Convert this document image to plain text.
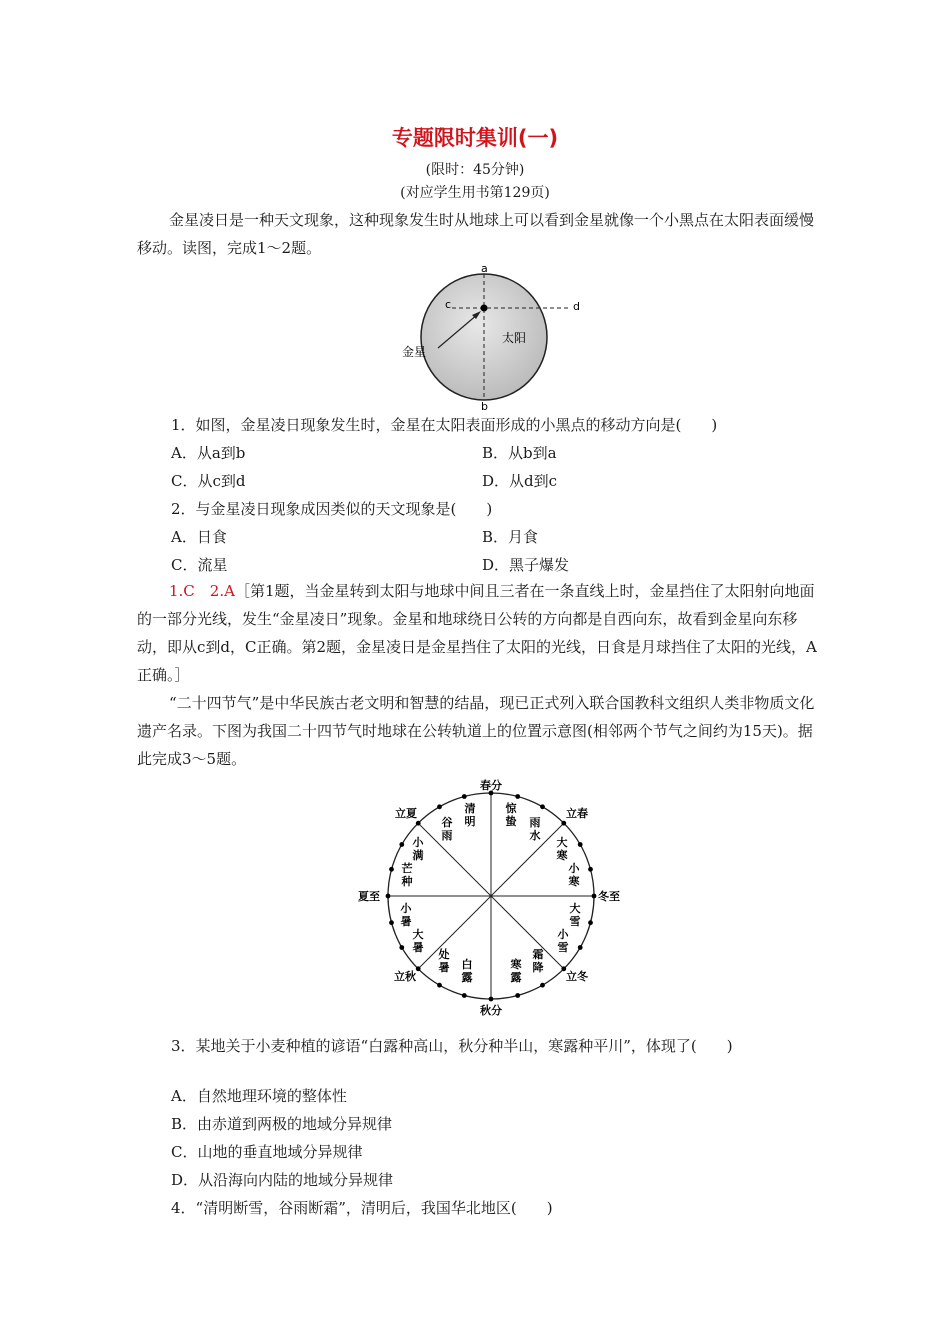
专题限时集训(一)
(限时：45分钟)
(对应学生用书第129页)

金星凌日是一种天文现象，这种现象发生时从地球上可以看到金星就像一个小黑点在太阳表面缓慢移动。读图，完成1～2题。

a
b
c	d
太阳
金星
1．如图，金星凌日现象发生时，金星在太阳表面形成的小黑点的移动方向是(　　)
A．从a到b	B．从b到a
C．从c到d	D．从d到c
2．与金星凌日现象成因类似的天文现象是(　　)
A．日食	B．月食
C．流星	D．黑子爆发

1.C　2.A［第1题，当金星转到太阳与地球中间且三者在一条直线上时，金星挡住了太阳射向地面的一部分光线，发生“金星凌日”现象。金星和地球绕日公转的方向都是自西向东，故看到金星向东移动，即从c到d，C正确。第2题，金星凌日是金星挡住了太阳的光线，日食是月球挡住了太阳的光线，A正确。］

“二十四节气”是中华民族古老文明和智慧的结晶，现已正式列入联合国教科文组织人类非物质文化遗产名录。下图为我国二十四节气时地球在公转轨道上的位置示意图(相邻两个节气之间约为15天)。据此完成3～5题。

春分
立春
冬至
立冬
秋分
立秋
夏至
立夏	惊蛰 雨水
大寒
小寒
大雪
小雪
霜降
寒露
白露
处暑
大暑
小暑
芒种
小满
谷雨
清明

3．某地关于小麦种植的谚语“白露种高山，秋分种半山，寒露种平川”，体现了(　　)

A．自然地理环境的整体性
B．由赤道到两极的地域分异规律
C．山地的垂直地域分异规律
D．从沿海向内陆的地域分异规律
4．“清明断雪，谷雨断霜”，清明后，我国华北地区(　　)
